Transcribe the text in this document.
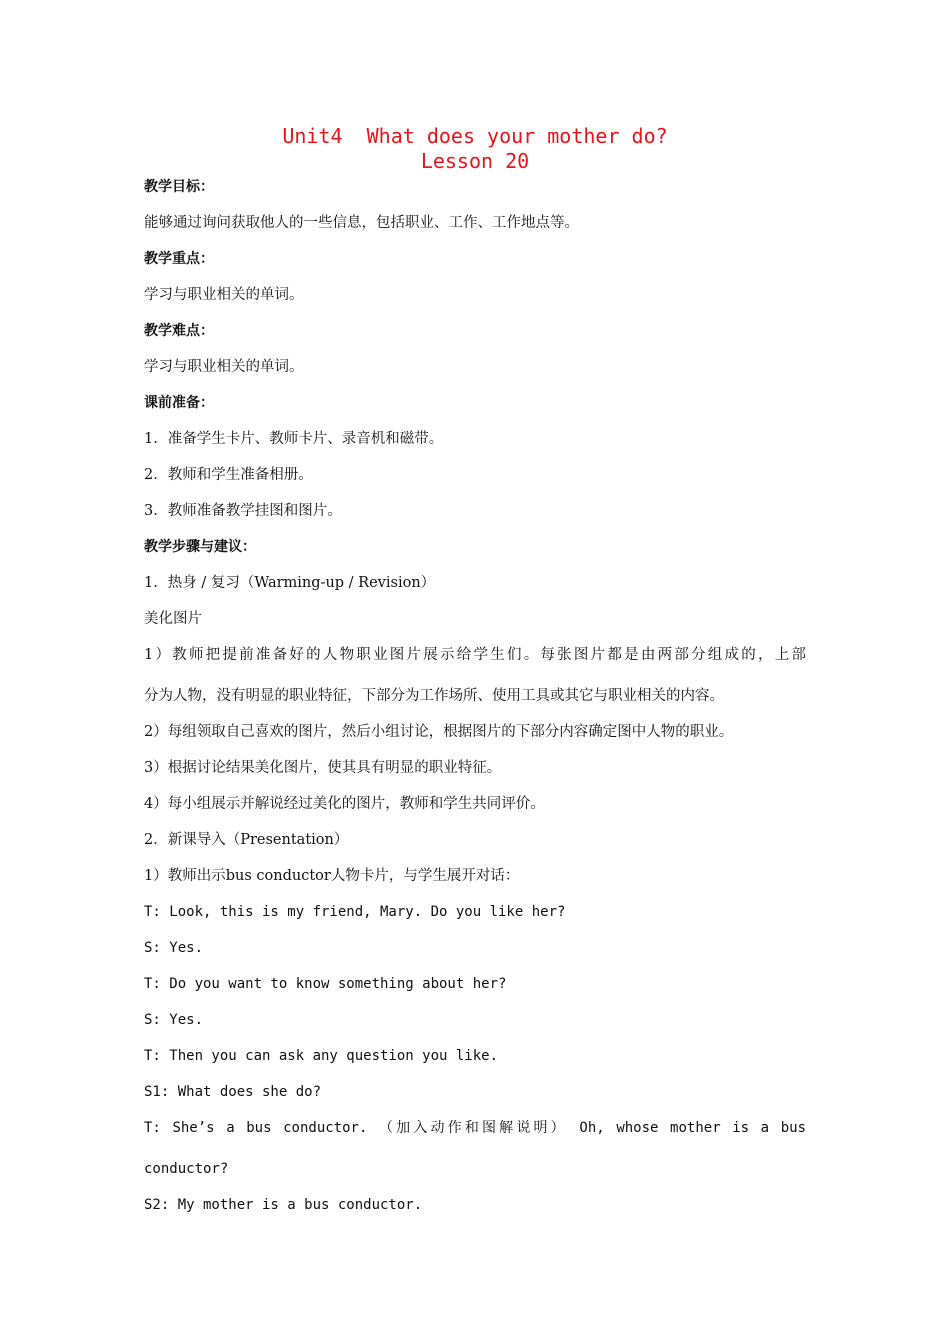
Unit4  What does your mother do?
Lesson 20
教学目标：
能够通过询问获取他人的一些信息，包括职业、工作、工作地点等。
教学重点：
学习与职业相关的单词。
教学难点：
学习与职业相关的单词。
课前准备：
1．准备学生卡片、教师卡片、录音机和磁带。
2．教师和学生准备相册。
3．教师准备教学挂图和图片。
教学步骤与建议：
1．热身 / 复习（Warming-up / Revision）
美化图片
1）教师把提前准备好的人物职业图片展示给学生们。每张图片都是由两部分组成的，上部
分为人物，没有明显的职业特征，下部分为工作场所、使用工具或其它与职业相关的内容。
2）每组领取自己喜欢的图片，然后小组讨论，根据图片的下部分内容确定图中人物的职业。
3）根据讨论结果美化图片，使其具有明显的职业特征。
4）每小组展示并解说经过美化的图片，教师和学生共同评价。
2．新课导入（Presentation）
1）教师出示bus conductor人物卡片，与学生展开对话：
T: Look, this is my friend, Mary. Do you like her?
S: Yes.
T: Do you want to know something about her?
S: Yes.
T: Then you can ask any question you like.
S1: What does she do?
T: She’s a bus conductor. （加入动作和图解说明） Oh, whose mother is a bus
conductor?
S2: My mother is a bus conductor.
